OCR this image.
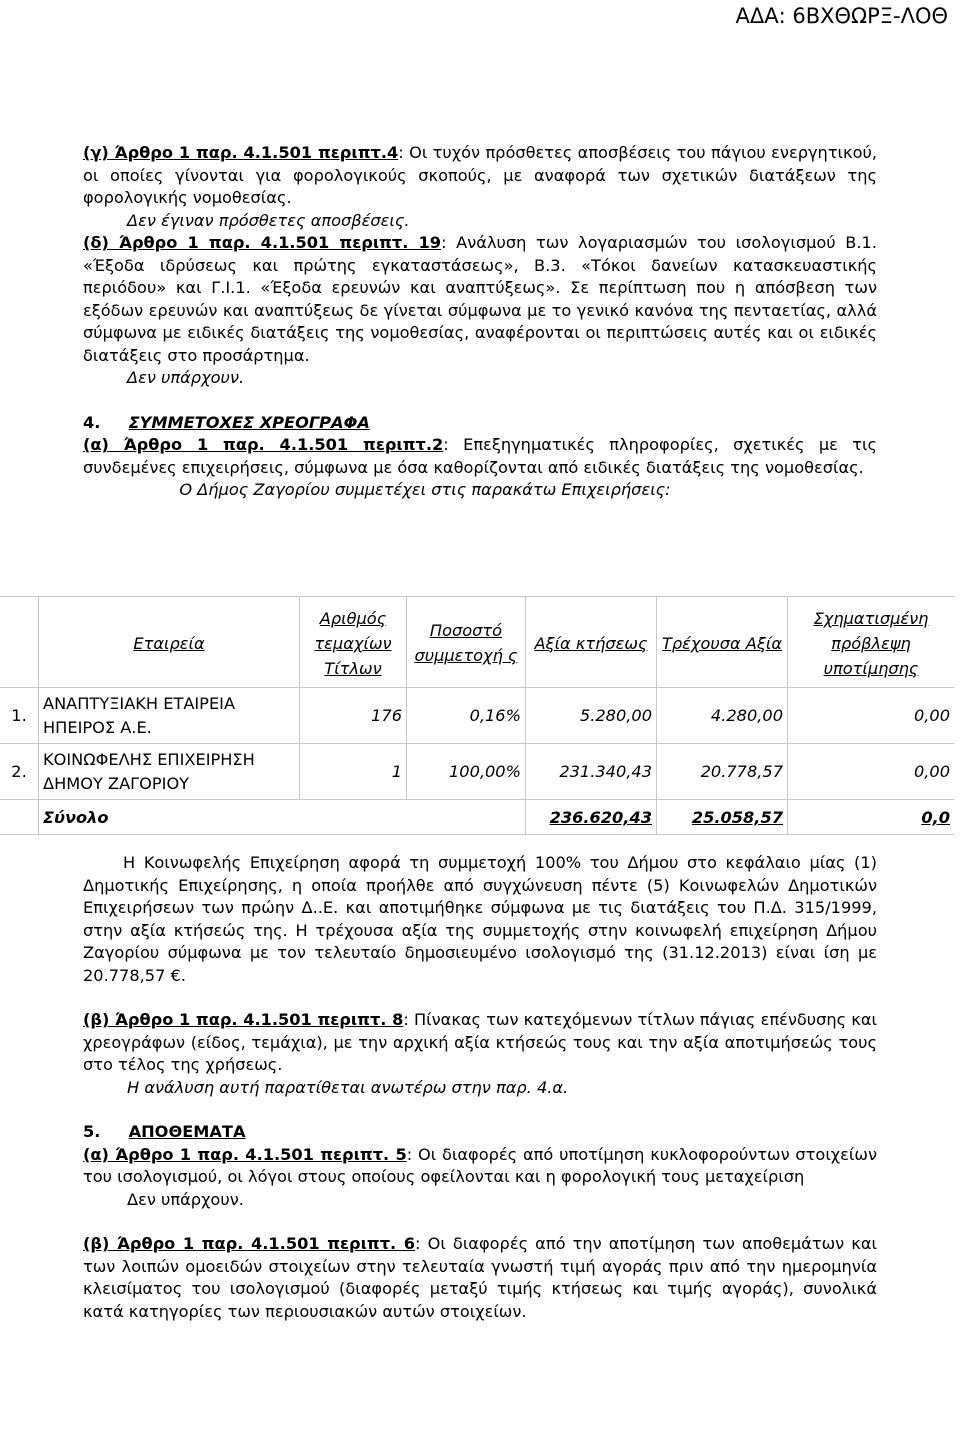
ΑΔΑ: 6ΒΧΘΩΡΞ-ΛΟΘ

(γ) Άρθρο 1 παρ. 4.1.501 περιπτ.4: Οι τυχόν πρόσθετες αποσβέσεις του πάγιου ενεργητικού, οι οποίες γίνονται για φορολογικούς σκοπούς, με αναφορά των σχετικών διατάξεων της φορολογικής νομοθεσίας.

Δεν έγιναν πρόσθετες αποσβέσεις.

(δ) Άρθρο 1 παρ. 4.1.501 περιπτ. 19: Ανάλυση των λογαριασμών του ισολογισμού Β.1. «Έξοδα ιδρύσεως και πρώτης εγκαταστάσεως», Β.3. «Τόκοι δανείων κατασκευαστικής περιόδου» και Γ.Ι.1. «Έξοδα ερευνών και αναπτύξεως». Σε περίπτωση που η απόσβεση των εξόδων ερευνών και αναπτύξεως δε γίνεται σύμφωνα με το γενικό κανόνα της πενταετίας, αλλά σύμφωνα με ειδικές διατάξεις της νομοθεσίας, αναφέρονται οι περιπτώσεις αυτές και οι ειδικές διατάξεις στο προσάρτημα.

Δεν υπάρχουν.

4. ΣΥΜΜΕΤΟΧΕΣ ΧΡΕΟΓΡΑΦΑ

(α) Άρθρο 1 παρ. 4.1.501 περιπτ.2: Επεξηγηματικές πληροφορίες, σχετικές με τις συνδεμένες επιχειρήσεις, σύμφωνα με όσα καθορίζονται από ειδικές διατάξεις της νομοθεσίας.

Ο Δήμος Ζαγορίου συμμετέχει στις παρακάτω Επιχειρήσεις:

	Εταιρεία	Αριθμός τεμαχίων Τίτλων	Ποσοστό συμμετοχή ς	Αξία κτήσεως	Τρέχουσα Αξία	Σχηματισμένη πρόβλεψη υποτίμησης
1.	ΑΝΑΠΤΥΞΙΑΚΗ ΕΤΑΙΡΕΙΑ ΗΠΕΙΡΟΣ Α.Ε.	176	0,16%	5.280,00	4.280,00	0,00
2.	ΚΟΙΝΩΦΕΛΗΣ ΕΠΙΧΕΙΡΗΣΗ ΔΗΜΟΥ ΖΑΓΟΡΙΟΥ	1	100,00%	231.340,43	20.778,57	0,00
	Σύνολο			236.620,43	25.058,57	0,0

Η Κοινωφελής Επιχείρηση αφορά τη συμμετοχή 100% του Δήμου στο κεφάλαιο μίας (1) Δημοτικής Επιχείρησης, η οποία προήλθε από συγχώνευση πέντε (5) Κοινωφελών Δημοτικών Επιχειρήσεων των πρώην Δ..Ε. και αποτιμήθηκε σύμφωνα με τις διατάξεις του Π.Δ. 315/1999, στην αξία κτήσεώς της. Η τρέχουσα αξία της συμμετοχής στην κοινωφελή επιχείρηση Δήμου Ζαγορίου σύμφωνα με τον τελευταίο δημοσιευμένο ισολογισμό της (31.12.2013) είναι ίση με 20.778,57 €.

(β) Άρθρο 1 παρ. 4.1.501 περιπτ. 8: Πίνακας των κατεχόμενων τίτλων πάγιας επένδυσης και χρεογράφων (είδος, τεμάχια), με την αρχική αξία κτήσεώς τους και την αξία αποτιμήσεώς τους στο τέλος της χρήσεως.

Η ανάλυση αυτή παρατίθεται ανωτέρω στην παρ. 4.α.

5. ΑΠΟΘΕΜΑΤΑ

(α) Άρθρο 1 παρ. 4.1.501 περιπτ. 5: Οι διαφορές από υποτίμηση κυκλοφορούντων στοιχείων του ισολογισμού, οι λόγοι στους οποίους οφείλονται και η φορολογική τους μεταχείριση

Δεν υπάρχουν.

(β) Άρθρο 1 παρ. 4.1.501 περιπτ. 6: Οι διαφορές από την αποτίμηση των αποθεμάτων και των λοιπών ομοειδών στοιχείων στην τελευταία γνωστή τιμή αγοράς πριν από την ημερομηνία κλεισίματος του ισολογισμού (διαφορές μεταξύ τιμής κτήσεως και τιμής αγοράς), συνολικά κατά κατηγορίες των περιουσιακών αυτών στοιχείων.
